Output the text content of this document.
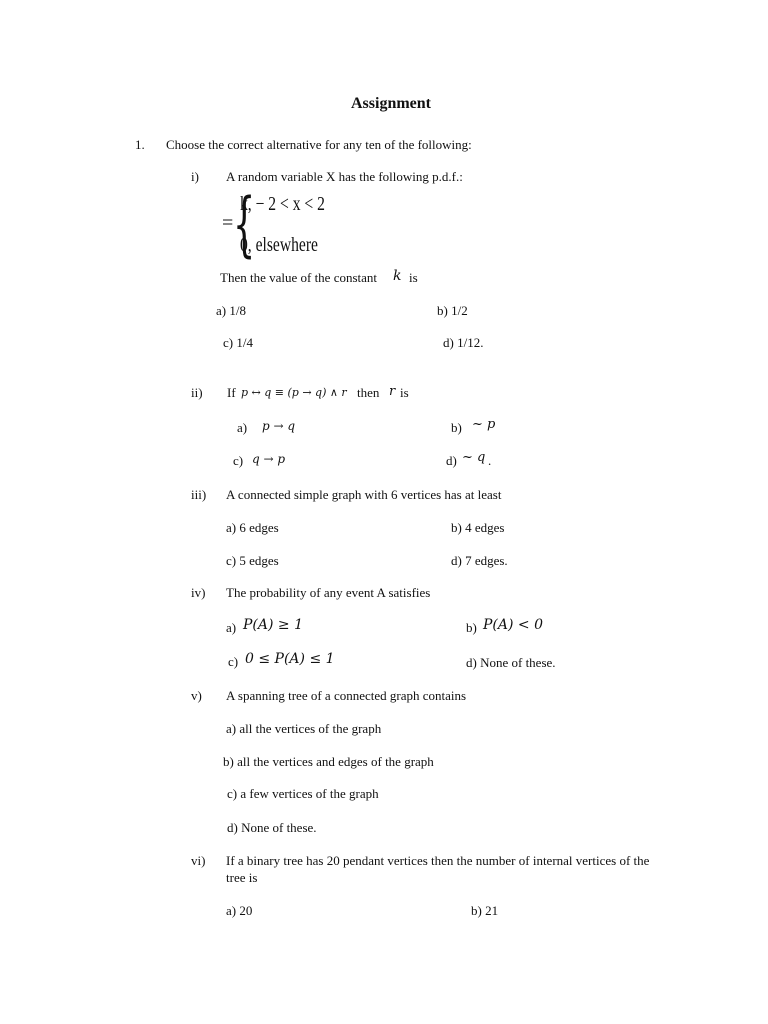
Assignment
1. Choose the correct alternative for any ten of the following:
i) A random variable X has the following p.d.f.:
= {
k, − 2 < x < 2
0, elsewhere
Then the value of the constant k is
a) 1/8	b) 1/2
c) 1/4	d) 1/12.
ii) If p ↔ q ≡ (p → q) ∧ r then r is
a) p → q	b) ~ p
c) q → p	d) ~ q .
iii) A connected simple graph with 6 vertices has at least
a) 6 edges	b) 4 edges
c) 5 edges	d) 7 edges.
iv) The probability of any event A satisfies
a) P(A) ≥ 1	b) P(A) < 0
c) 0 ≤ P(A) ≤ 1	d) None of these.
v) A spanning tree of a connected graph contains
a) all the vertices of the graph
b) all the vertices and edges of the graph
c) a few vertices of the graph
d) None of these.
vi) If a binary tree has 20 pendant vertices then the number of internal vertices of the
tree is
a) 20	b) 21
